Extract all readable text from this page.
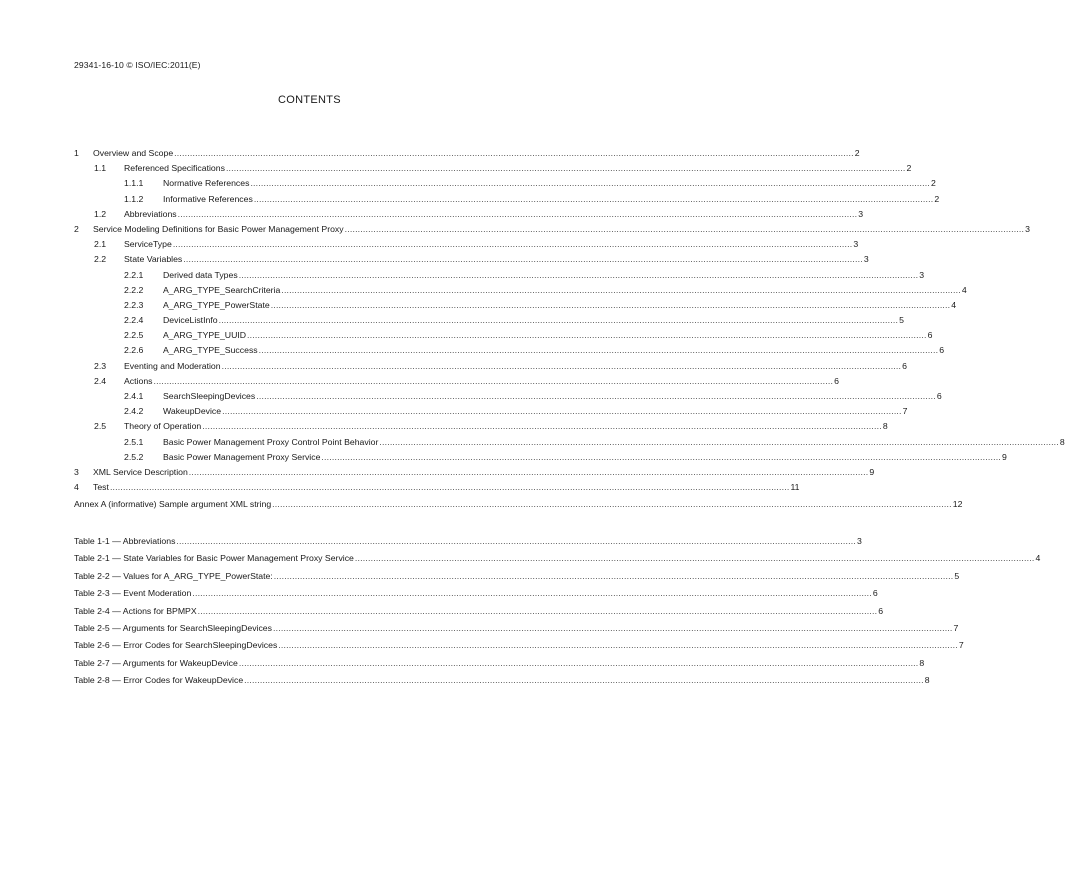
29341-16-10 © ISO/IEC:2011(E)
CONTENTS
1	Overview and Scope .....	2
1.1	Referenced Specifications .....	2
1.1.1	Normative References .....	2
1.1.2	Informative References .....	2
1.2	Abbreviations .....	3
2	Service Modeling Definitions for Basic Power Management Proxy .....	3
2.1	ServiceType .....	3
2.2	State Variables .....	3
2.2.1	Derived data Types .....	3
2.2.2	A_ARG_TYPE_SearchCriteria .....	4
2.2.3	A_ARG_TYPE_PowerState .....	4
2.2.4	DeviceListInfo .....	5
2.2.5	A_ARG_TYPE_UUID .....	6
2.2.6	A_ARG_TYPE_Success .....	6
2.3	Eventing and Moderation .....	6
2.4	Actions .....	6
2.4.1	SearchSleepingDevices .....	6
2.4.2	WakeupDevice .....	7
2.5	Theory of Operation .....	8
2.5.1	Basic Power Management Proxy Control Point Behavior .....	8
2.5.2	Basic Power Management Proxy Service .....	9
3	XML Service Description .....	9
4	Test .....	11
Annex A (informative) Sample argument XML string .....	12
Table 1-1 — Abbreviations .....	3
Table 2-1 — State Variables for Basic Power Management Proxy Service .....	4
Table 2-2 — Values for A_ARG_TYPE_PowerState: .....	5
Table 2-3 — Event Moderation .....	6
Table 2-4 — Actions for BPMPX .....	6
Table 2-5 — Arguments for SearchSleepingDevices .....	7
Table 2-6 — Error Codes for SearchSleepingDevices .....	7
Table 2-7 — Arguments for WakeupDevice .....	8
Table 2-8 — Error Codes for WakeupDevice .....	8
